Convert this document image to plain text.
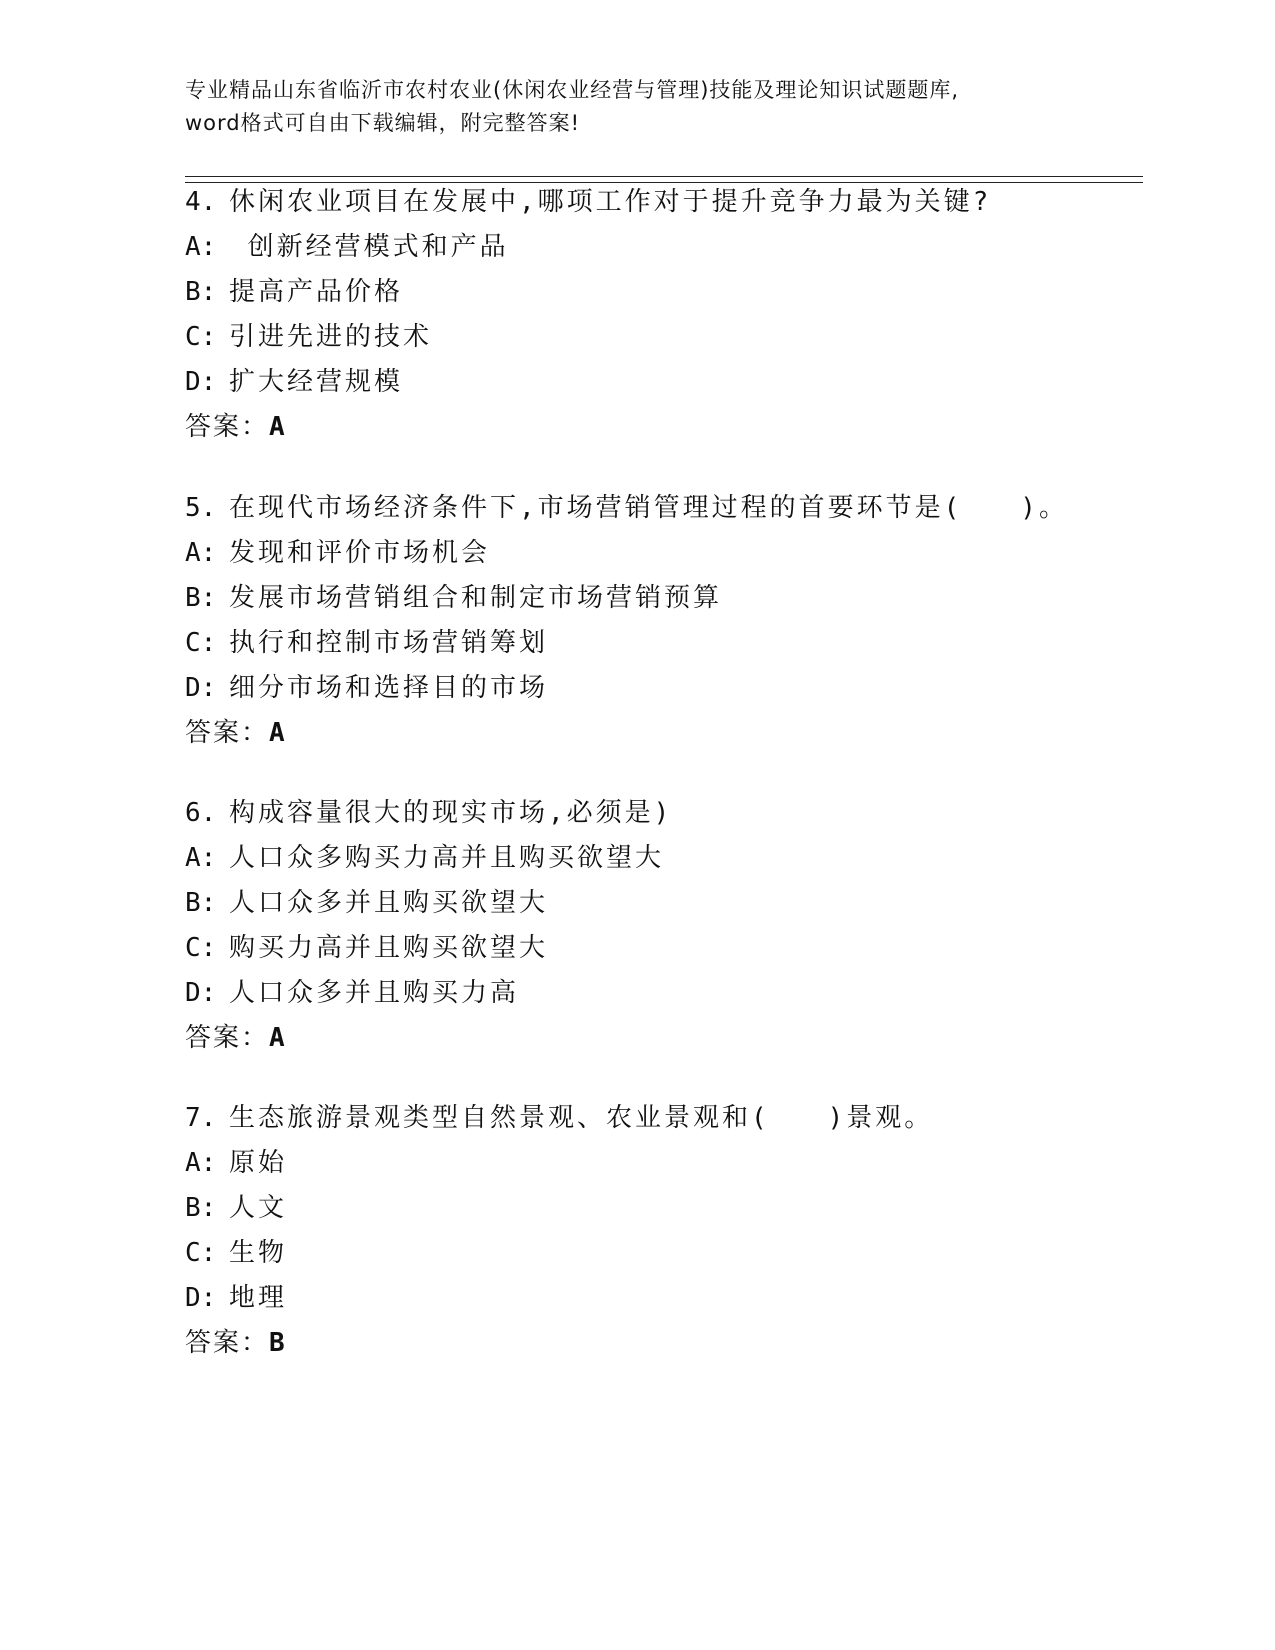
专业精品山东省临沂市农村农业(休闲农业经营与管理)技能及理论知识试题题库,
word格式可自由下载编辑，附完整答案!
4. 休闲农业项目在发展中,哪项工作对于提升竞争力最为关键?
A: 创新经营模式和产品
B: 提高产品价格
C: 引进先进的技术
D: 扩大经营规模
答案：A
5. 在现代市场经济条件下,市场营销管理过程的首要环节是(　　)。
A: 发现和评价市场机会
B: 发展市场营销组合和制定市场营销预算
C: 执行和控制市场营销筹划
D: 细分市场和选择目的市场
答案：A
6. 构成容量很大的现实市场,必须是)
A: 人口众多购买力高并且购买欲望大
B: 人口众多并且购买欲望大
C: 购买力高并且购买欲望大
D: 人口众多并且购买力高
答案：A
7. 生态旅游景观类型自然景观、农业景观和(　　)景观。
A: 原始
B: 人文
C: 生物
D: 地理
答案：B
